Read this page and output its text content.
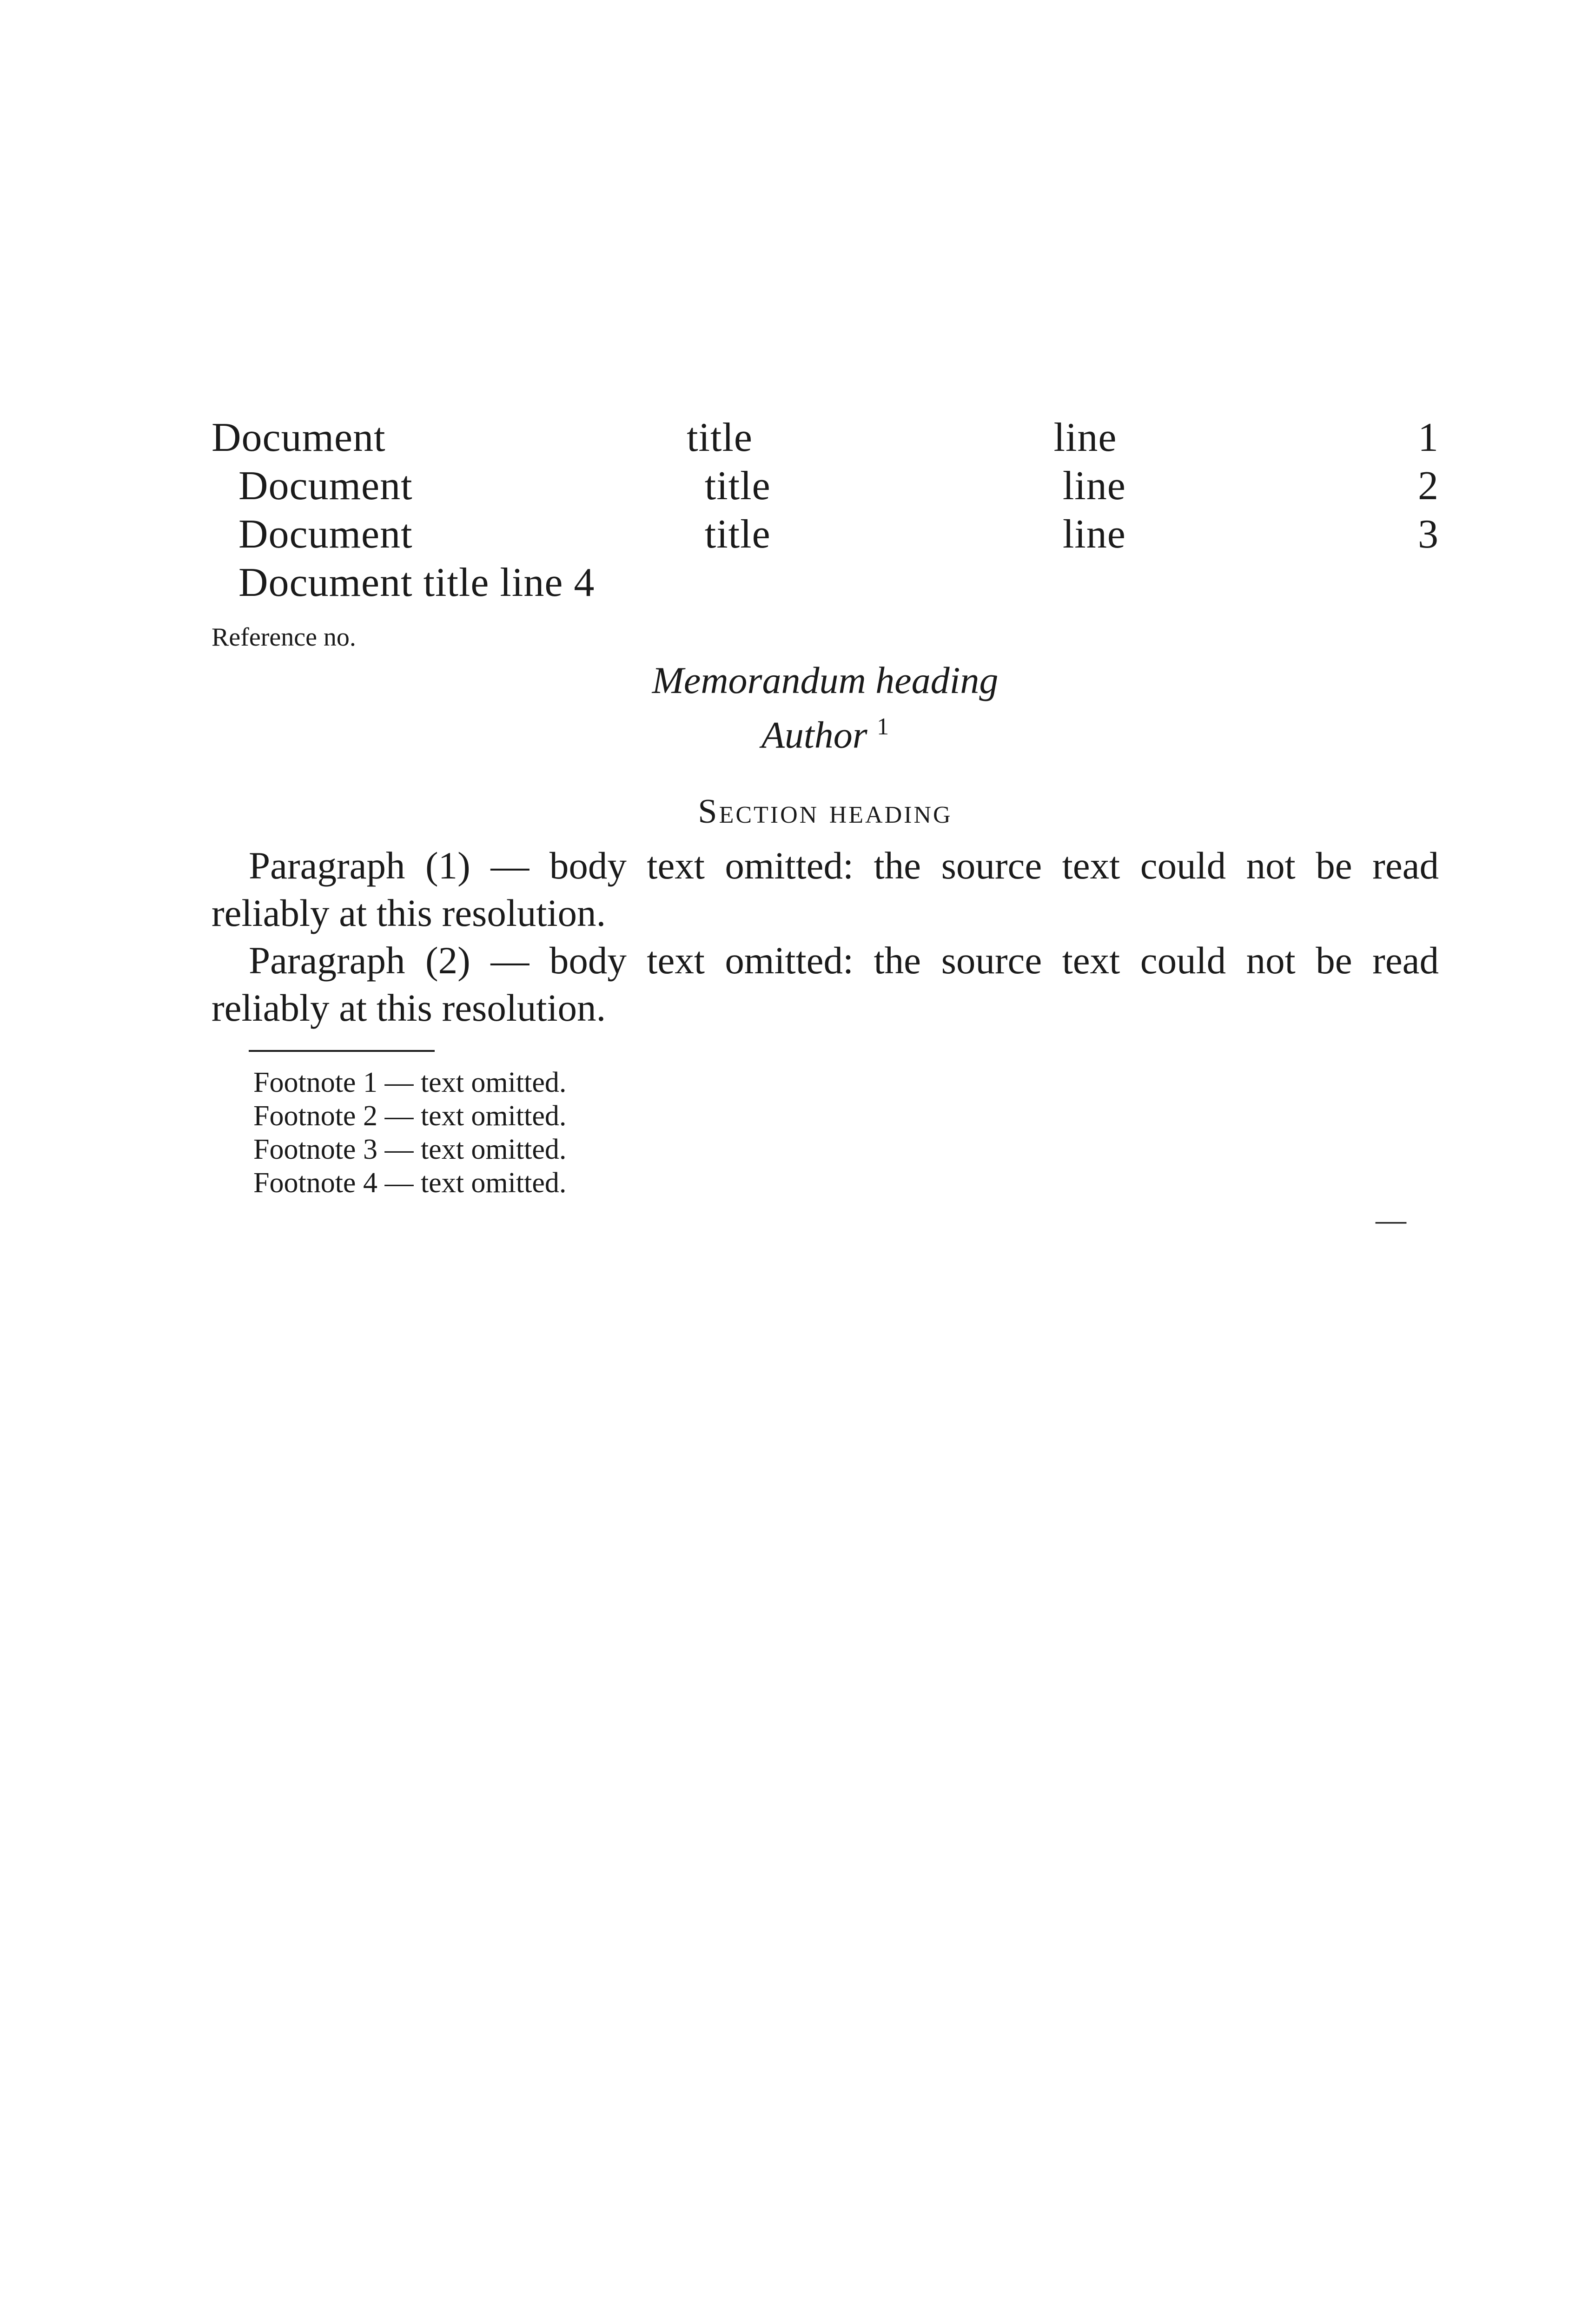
Document title line 1
Document title line 2
Document title line 3
Document title line 4
Reference no.

Memorandum heading
Author $^1$

Section heading

Paragraph (1) — body text omitted: the source text could not be read reliably at this resolution.

Paragraph (2) — body text omitted: the source text could not be read reliably at this resolution.

Footnote 1 — text omitted.

Footnote 2 — text omitted.

Footnote 3 — text omitted.

Footnote 4 — text omitted.

—
